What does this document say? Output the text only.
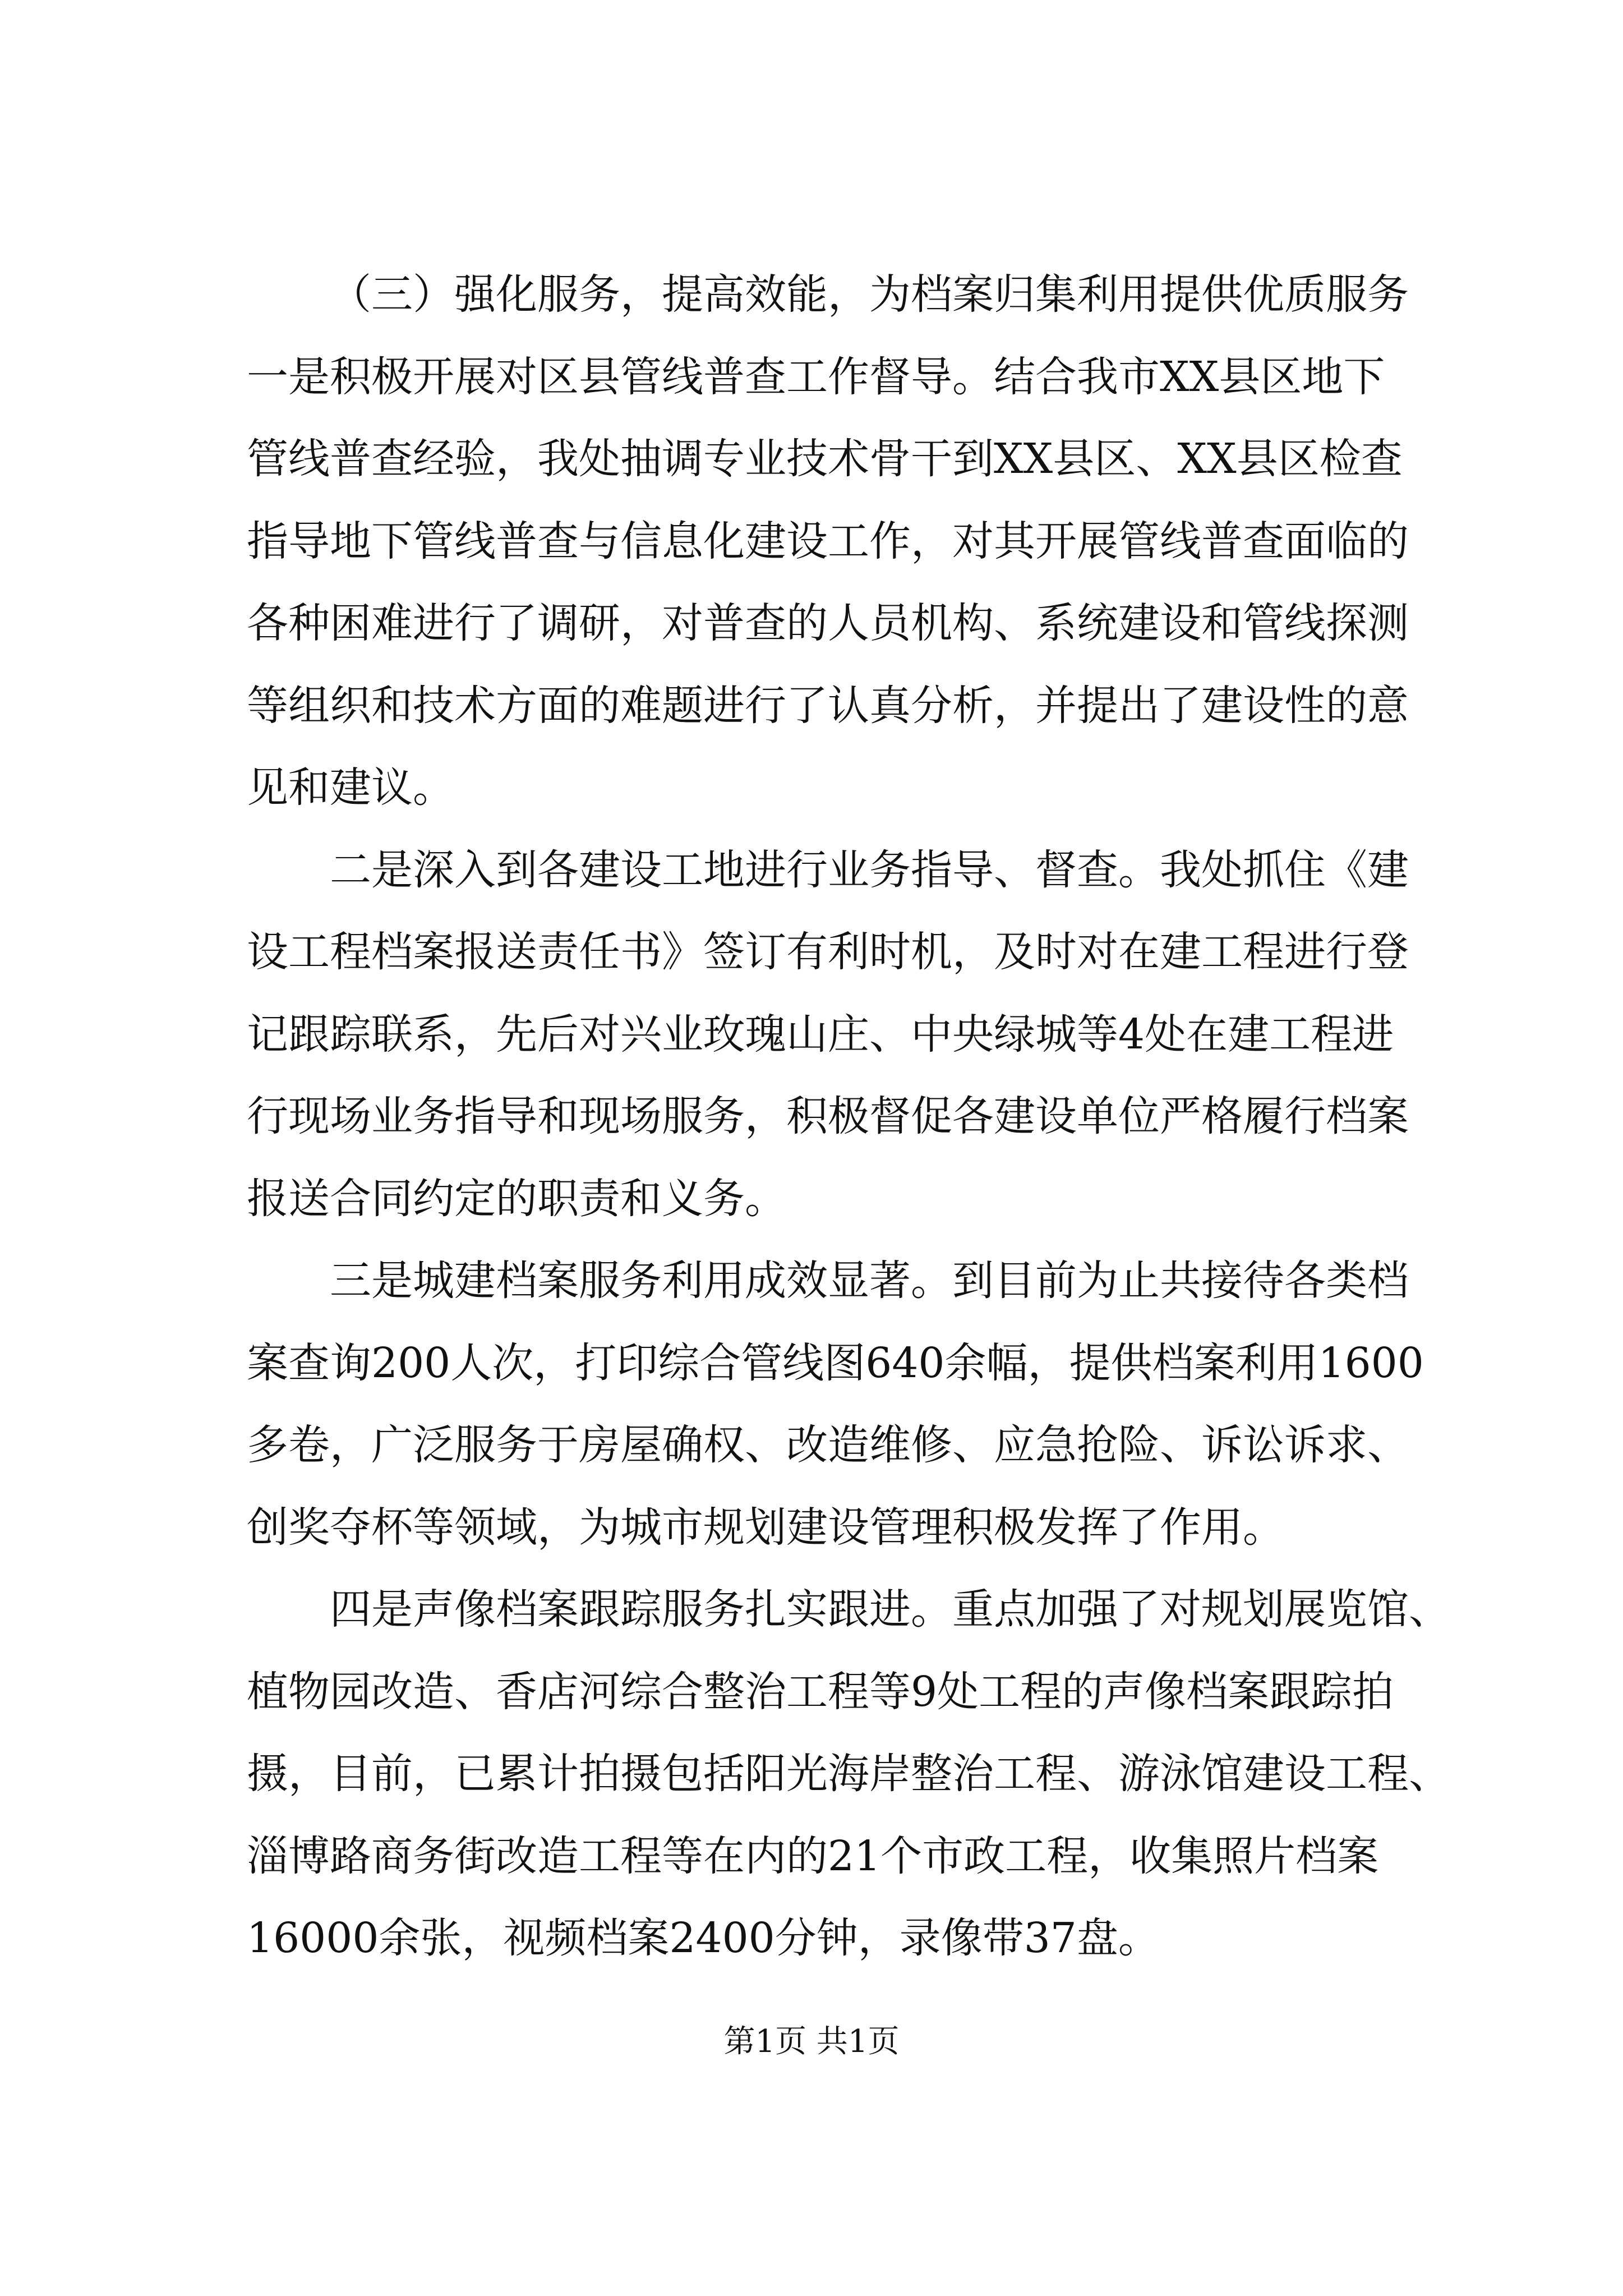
（三）强化服务，提高效能，为档案归集利用提供优质服务
一是积极开展对区县管线普查工作督导。结合我市XX县区地下
管线普查经验，我处抽调专业技术骨干到XX县区、XX县区检查
指导地下管线普查与信息化建设工作，对其开展管线普查面临的
各种困难进行了调研，对普查的人员机构、系统建设和管线探测
等组织和技术方面的难题进行了认真分析，并提出了建设性的意
见和建议。
二是深入到各建设工地进行业务指导、督查。我处抓住《建
设工程档案报送责任书》签订有利时机，及时对在建工程进行登
记跟踪联系，先后对兴业玫瑰山庄、中央绿城等4处在建工程进
行现场业务指导和现场服务，积极督促各建设单位严格履行档案
报送合同约定的职责和义务。
三是城建档案服务利用成效显著。到目前为止共接待各类档
案查询200人次，打印综合管线图640余幅，提供档案利用1600
多卷，广泛服务于房屋确权、改造维修、应急抢险、诉讼诉求、
创奖夺杯等领域，为城市规划建设管理积极发挥了作用。
四是声像档案跟踪服务扎实跟进。重点加强了对规划展览馆、
植物园改造、香店河综合整治工程等9处工程的声像档案跟踪拍
摄，目前，已累计拍摄包括阳光海岸整治工程、游泳馆建设工程、
淄博路商务街改造工程等在内的21个市政工程，收集照片档案
16000余张，视频档案2400分钟，录像带37盘。
第1页 共1页
